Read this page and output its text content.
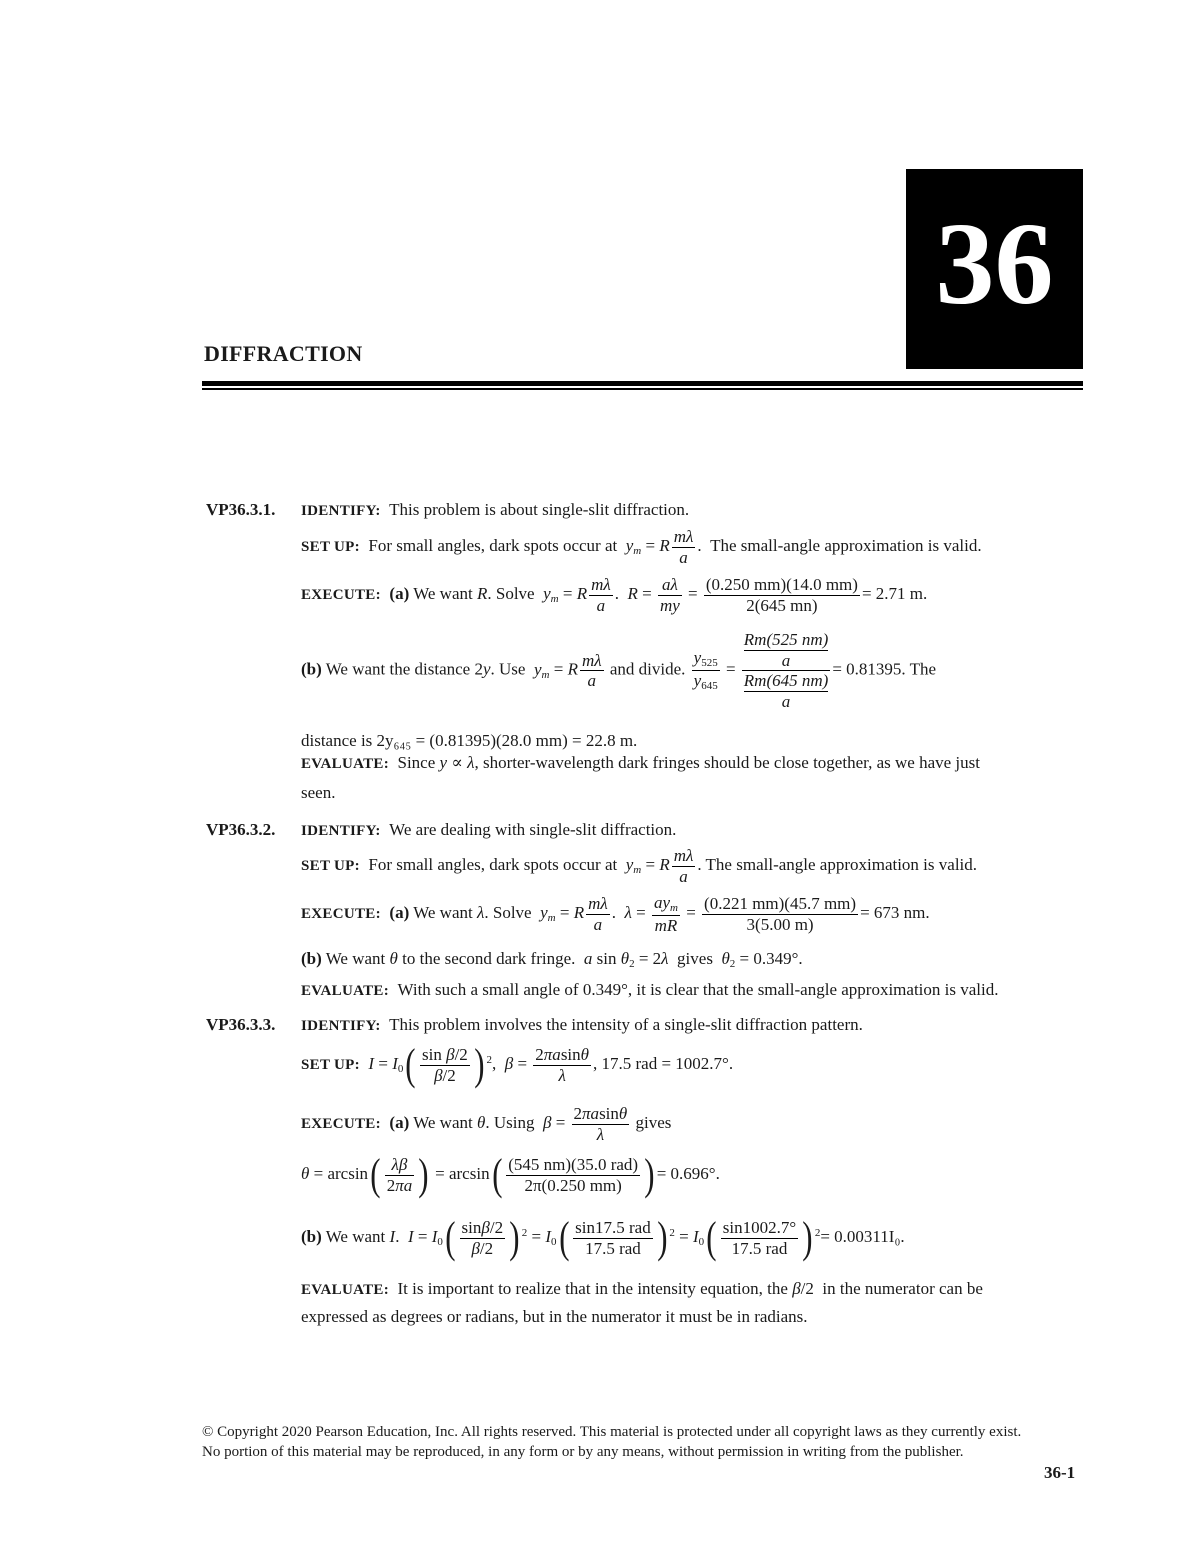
36
DIFFRACTION
VP36.3.1. IDENTIFY: This problem is about single-slit diffraction.
SET UP: For small angles, dark spots occur at $y_m = R \frac{m\lambda}{a}$ .  The small-angle approximation is valid.
EXECUTE: (a) We want R. Solve $y_m = R \frac{m\lambda}{a}$ .  $R = \frac{a\lambda}{my} = \frac{(0.250 mm)(14.0 mm)}{2(645 mn)} = 2.71$ m.
(b) We want the distance 2y. Use $y_m = R \frac{m\lambda}{a}$ and divide. $\frac{y_{525}}{y_{645}} = Rm(525$ nm)
a
Rm(645 nm)
a = 0.81395. The
distance is 2y₆₄₅ = (0.81395)(28.0 mm) = 22.8 m.
EVALUATE: Since y ∝ λ, shorter-wavelength dark fringes should be close together, as we have just
seen.
VP36.3.2. IDENTIFY: We are dealing with single-slit diffraction.
SET UP: For small angles, dark spots occur at $y_m = R \frac{m\lambda}{a}$ . The small-angle approximation is valid.
EXECUTE: (a) We want λ. Solve $y_m = R \frac{m\lambda}{a}$ .  $\lambda = \frac{ay_m}{mR} = \frac{(0.221 mm)(45.7 mm)}{3(5.00 m)} = 673$ nm.
(b) We want θ to the second dark fringe. a $\sin \theta_2 = 2\lambda$ gives $\theta_2 = 0.349^\circ$.
EVALUATE: With such a small angle of 0.349°, it is clear that the small-angle approximation is valid.
VP36.3.3. IDENTIFY: This problem involves the intensity of a single-slit diffraction pattern.
SET UP: $I = I_0( \frac{\text{sin β/2}}{\beta/2}$ ) $^2$,  $\beta = \frac{2\pi asin\theta}{\lambda}$ , 17.5 rad = 1002.7°.
EXECUTE: (a) We want θ. Using $\beta = \frac{2\pi asin\theta}{\lambda}$ gives
$\theta = \arcsin( \frac{\lambda\beta}{2\pi a}$ ) = $\arcsin( \frac{\text{(545 nm)(35.0 rad)}}{2\pi(0.250 mm)}$ ) = 0.696°.
(b) We want I.  $I = I_0( \frac{\sin\beta/2}{\beta/2}$ ) $^2 = I_0( \frac{\text{sin17.5 rad}}{\text{17.5 rad}}$ ) $^2 = I_0( \frac{\sin 1002.7^\circ}{\text{17.5 rad}}$ ) $^2$= 0.00311I₀.
EVALUATE: It is important to realize that in the intensity equation, the β/2  in the numerator can be
expressed as degrees or radians, but in the numerator it must be in radians.
© Copyright 2020 Pearson Education, Inc. All rights reserved. This material is protected under all copyright laws as they currently exist.
No portion of this material may be reproduced, in any form or by any means, without permission in writing from the publisher.
36-1
